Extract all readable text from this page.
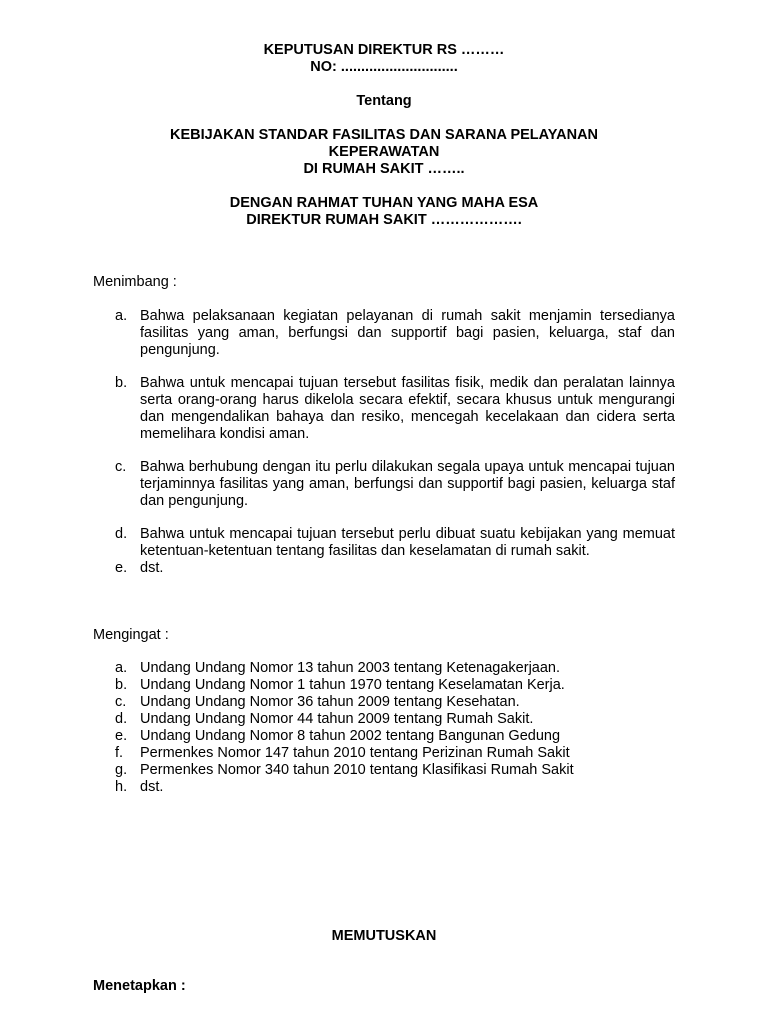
KEPUTUSAN DIREKTUR RS ………
NO: .............................
Tentang
KEBIJAKAN STANDAR FASILITAS DAN SARANA PELAYANAN
KEPERAWATAN
DI RUMAH SAKIT ……..
DENGAN RAHMAT TUHAN YANG MAHA ESA
DIREKTUR RUMAH SAKIT ……………….
Menimbang :
a. Bahwa pelaksanaan kegiatan pelayanan di rumah sakit menjamin tersedianya fasilitas yang aman, berfungsi dan supportif bagi pasien, keluarga, staf dan pengunjung.
b. Bahwa untuk mencapai tujuan tersebut fasilitas fisik, medik dan peralatan lainnya serta orang-orang harus dikelola secara efektif, secara khusus untuk mengurangi dan mengendalikan bahaya dan resiko, mencegah kecelakaan dan cidera serta memelihara kondisi aman.
c. Bahwa berhubung dengan itu perlu dilakukan segala upaya untuk mencapai tujuan terjaminnya fasilitas yang aman, berfungsi dan supportif bagi pasien, keluarga staf dan pengunjung.
d. Bahwa untuk mencapai tujuan tersebut perlu dibuat suatu kebijakan yang memuat ketentuan-ketentuan tentang fasilitas dan keselamatan di rumah sakit.
e. dst.
Mengingat :
a. Undang Undang Nomor 13 tahun 2003 tentang Ketenagakerjaan.
b. Undang Undang Nomor 1 tahun 1970 tentang Keselamatan Kerja.
c. Undang Undang Nomor 36 tahun 2009 tentang Kesehatan.
d. Undang Undang Nomor 44 tahun 2009 tentang Rumah Sakit.
e. Undang Undang Nomor 8 tahun 2002 tentang Bangunan Gedung
f. Permenkes Nomor 147 tahun 2010 tentang Perizinan Rumah Sakit
g. Permenkes Nomor 340 tahun 2010 tentang Klasifikasi Rumah Sakit
h. dst.
MEMUTUSKAN
Menetapkan :
